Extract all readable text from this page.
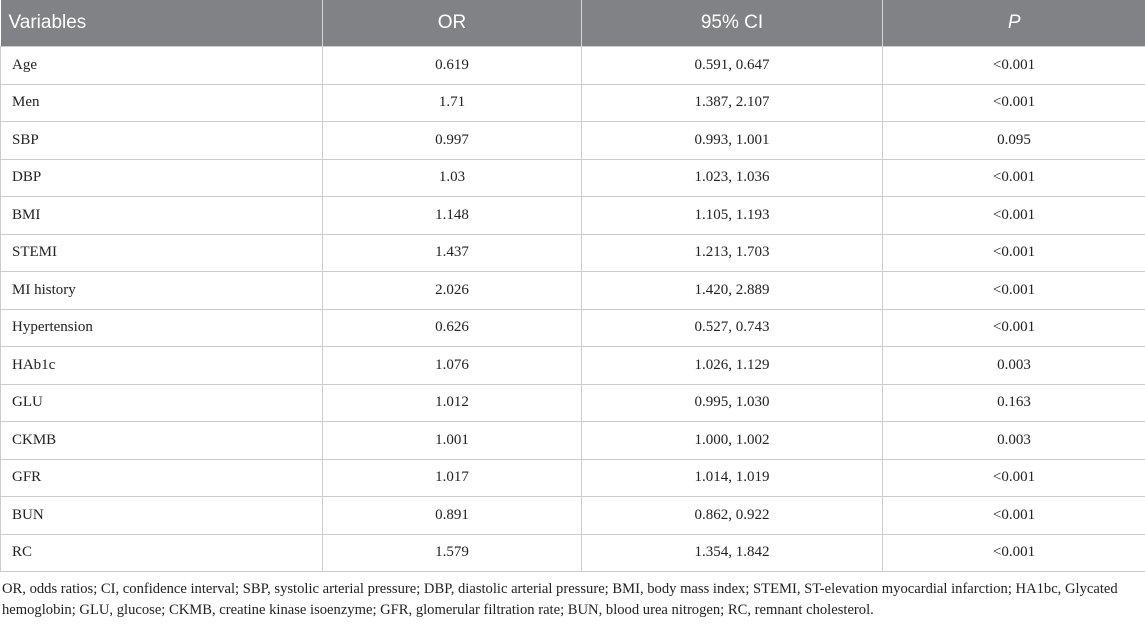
Variables	OR	95% CI	P
Age	0.619	0.591, 0.647	<0.001
Men	1.71	1.387, 2.107	<0.001
SBP	0.997	0.993, 1.001	0.095
DBP	1.03	1.023, 1.036	<0.001
BMI	1.148	1.105, 1.193	<0.001
STEMI	1.437	1.213, 1.703	<0.001
MI history	2.026	1.420, 2.889	<0.001
Hypertension	0.626	0.527, 0.743	<0.001
HAb1c	1.076	1.026, 1.129	0.003
GLU	1.012	0.995, 1.030	0.163
CKMB	1.001	1.000, 1.002	0.003
GFR	1.017	1.014, 1.019	<0.001
BUN	0.891	0.862, 0.922	<0.001
RC	1.579	1.354, 1.842	<0.001

OR, odds ratios; CI, confidence interval; SBP, systolic arterial pressure; DBP, diastolic arterial pressure; BMI, body mass index; STEMI, ST-elevation myocardial infarction; HA1bc, Glycated hemoglobin; GLU, glucose; CKMB, creatine kinase isoenzyme; GFR, glomerular filtration rate; BUN, blood urea nitrogen; RC, remnant cholesterol.
